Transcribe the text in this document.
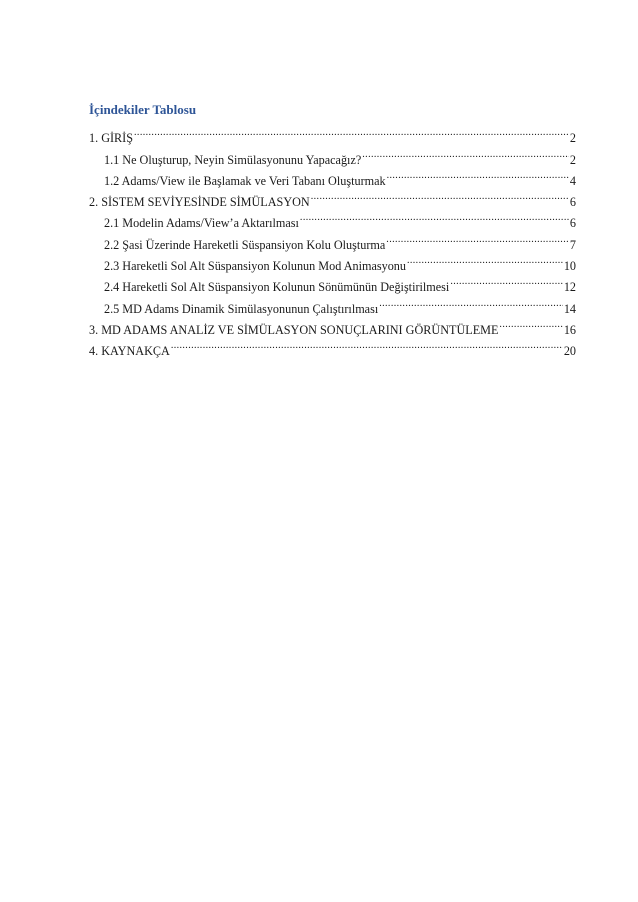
İçindekiler Tablosu
1. GİRİŞ .....	2
1.1 Ne Oluşturup, Neyin Simülasyonunu Yapacağız? .....	2
1.2 Adams/View ile Başlamak ve Veri Tabanı Oluşturmak .....	4
2. SİSTEM SEVİYESİNDE SİMÜLASYON .....	6
2.1 Modelin Adams/View’a Aktarılması .....	6
2.2 Şasi Üzerinde Hareketli Süspansiyon Kolu Oluşturma .....	7
2.3 Hareketli Sol Alt Süspansiyon Kolunun Mod Animasyonu .....	10
2.4 Hareketli Sol Alt Süspansiyon Kolunun Sönümünün Değiştirilmesi .....	12
2.5 MD Adams Dinamik Simülasyonunun Çalıştırılması .....	14
3. MD ADAMS ANALİZ VE SİMÜLASYON SONUÇLARINI GÖRÜNTÜLEME .....	16
4. KAYNAKÇA .....	20
